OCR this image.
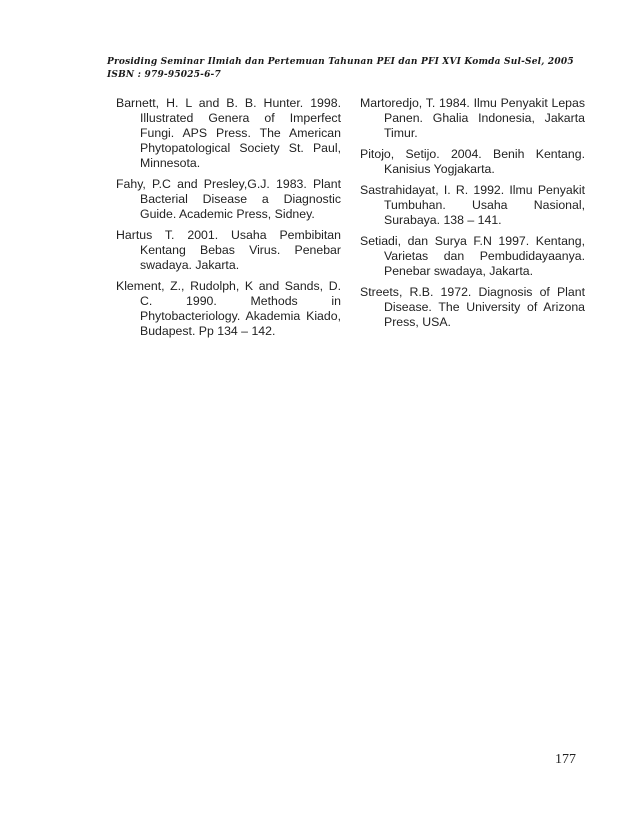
Prosiding Seminar Ilmiah dan Pertemuan Tahunan PEI dan PFI XVI Komda Sul-Sel, 2005
ISBN : 979-95025-6-7

Barnett, H. L and B. B. Hunter. 1998. Illustrated Genera of Imperfect Fungi. APS Press. The American Phytopatological Society St. Paul, Minnesota.

Fahy, P.C and Presley,G.J. 1983. Plant Bacterial Disease a Diagnostic Guide. Academic Press, Sidney.

Hartus T. 2001. Usaha Pembibitan Kentang Bebas Virus. Penebar swadaya. Jakarta.

Klement, Z., Rudolph, K and Sands, D. C. 1990. Methods in Phytobacteriology. Akademia Kiado, Budapest. Pp 134 – 142.

Martoredjo, T. 1984. Ilmu Penyakit Lepas Panen. Ghalia Indonesia, Jakarta Timur.

Pitojo, Setijo. 2004. Benih Kentang. Kanisius Yogjakarta.

Sastrahidayat, I. R. 1992. Ilmu Penyakit Tumbuhan. Usaha Nasional, Surabaya. 138 – 141.

Setiadi, dan Surya F.N 1997. Kentang, Varietas dan Pembudidayaanya. Penebar swadaya, Jakarta.

Streets, R.B. 1972. Diagnosis of Plant Disease. The University of Arizona Press, USA.

177
